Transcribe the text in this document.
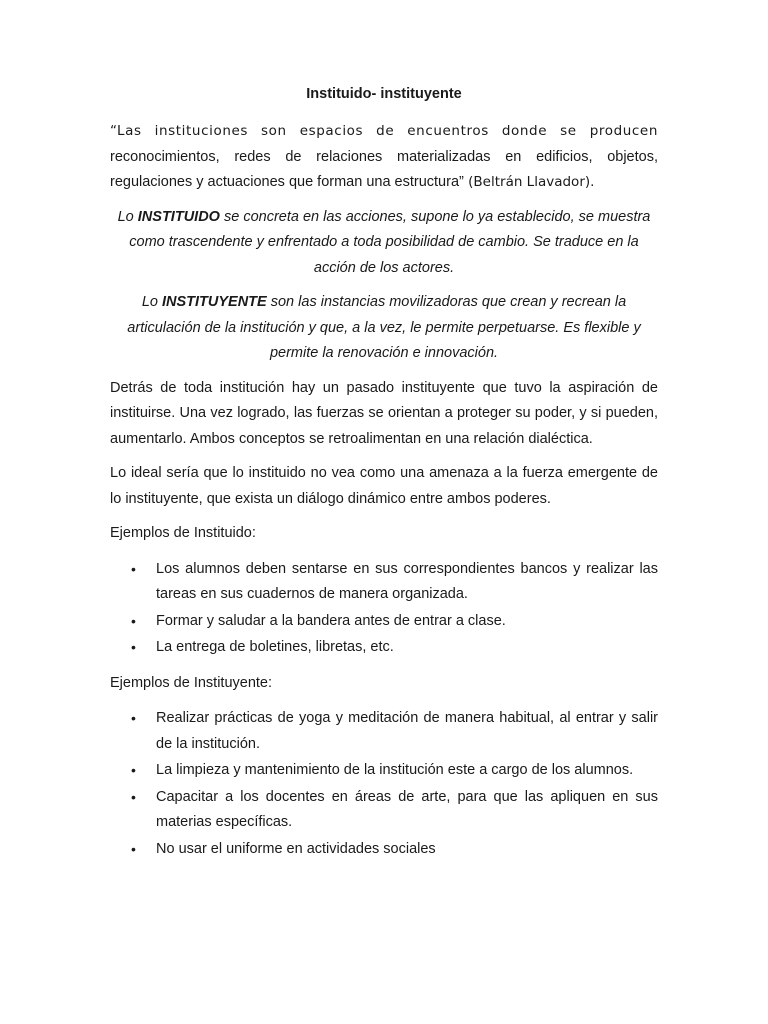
Instituido- instituyente

“Las instituciones son espacios de encuentros donde se producen reconocimientos, redes de relaciones materializadas en edificios, objetos, regulaciones y actuaciones que forman una estructura” (Beltrán Llavador).

Lo INSTITUIDO se concreta en las acciones, supone lo ya establecido, se muestra como trascendente y enfrentado a toda posibilidad de cambio. Se traduce en la acción de los actores.

Lo INSTITUYENTE son las instancias movilizadoras que crean y recrean la articulación de la institución y que, a la vez, le permite perpetuarse. Es flexible y permite la renovación e innovación.

Detrás de toda institución hay un pasado instituyente que tuvo la aspiración de instituirse. Una vez logrado, las fuerzas se orientan a proteger su poder, y si pueden, aumentarlo. Ambos conceptos se retroalimentan en una relación dialéctica.

Lo ideal sería que lo instituido no vea como una amenaza a la fuerza emergente de lo instituyente, que exista un diálogo dinámico entre ambos poderes.

Ejemplos de Instituido:

• Los alumnos deben sentarse en sus correspondientes bancos y realizar las tareas en sus cuadernos de manera organizada.
• Formar y saludar a la bandera antes de entrar a clase.
• La entrega de boletines, libretas, etc.

Ejemplos de Instituyente:

• Realizar prácticas de yoga y meditación de manera habitual, al entrar y salir de la institución.
• La limpieza y mantenimiento de la institución este a cargo de los alumnos.
• Capacitar a los docentes en áreas de arte, para que las apliquen en sus materias específicas.
• No usar el uniforme en actividades sociales
